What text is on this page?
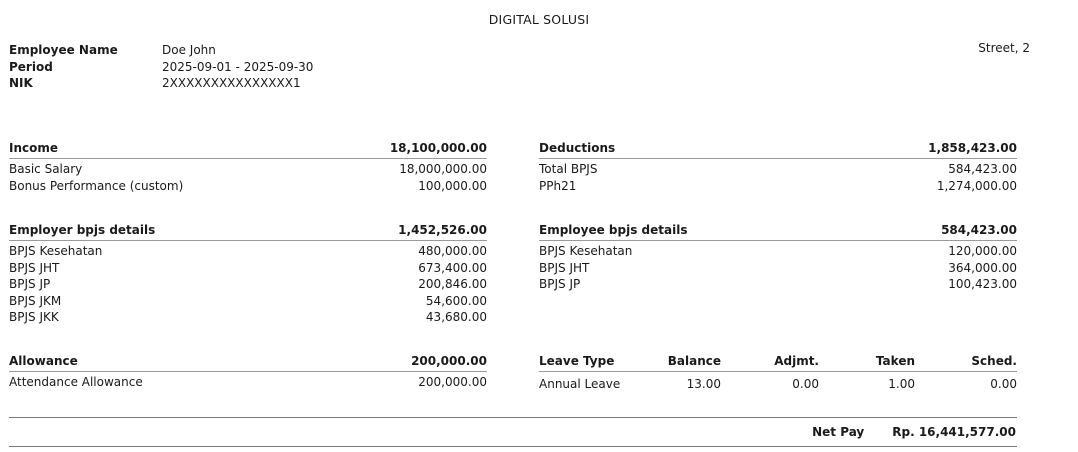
DIGITAL SOLUSI
Street, 2
Employee Name	Doe John
Period	2025-09-01 - 2025-09-30
NIK	2XXXXXXXXXXXXXXX1
Income	18,100,000.00
Basic Salary	18,000,000.00
Bonus Performance (custom)	100,000.00
Deductions	1,858,423.00
Total BPJS	584,423.00
PPh21	1,274,000.00
Employer bpjs details	1,452,526.00
BPJS Kesehatan	480,000.00
BPJS JHT	673,400.00
BPJS JP	200,846.00
BPJS JKM	54,600.00
BPJS JKK	43,680.00
Employee bpjs details	584,423.00
BPJS Kesehatan	120,000.00
BPJS JHT	364,000.00
BPJS JP	100,423.00
Allowance	200,000.00
Attendance Allowance	200,000.00
Leave Type	Balance	Adjmt.	Taken	Sched.
Annual Leave	13.00	0.00	1.00	0.00
Net Pay Rp. 16,441,577.00
